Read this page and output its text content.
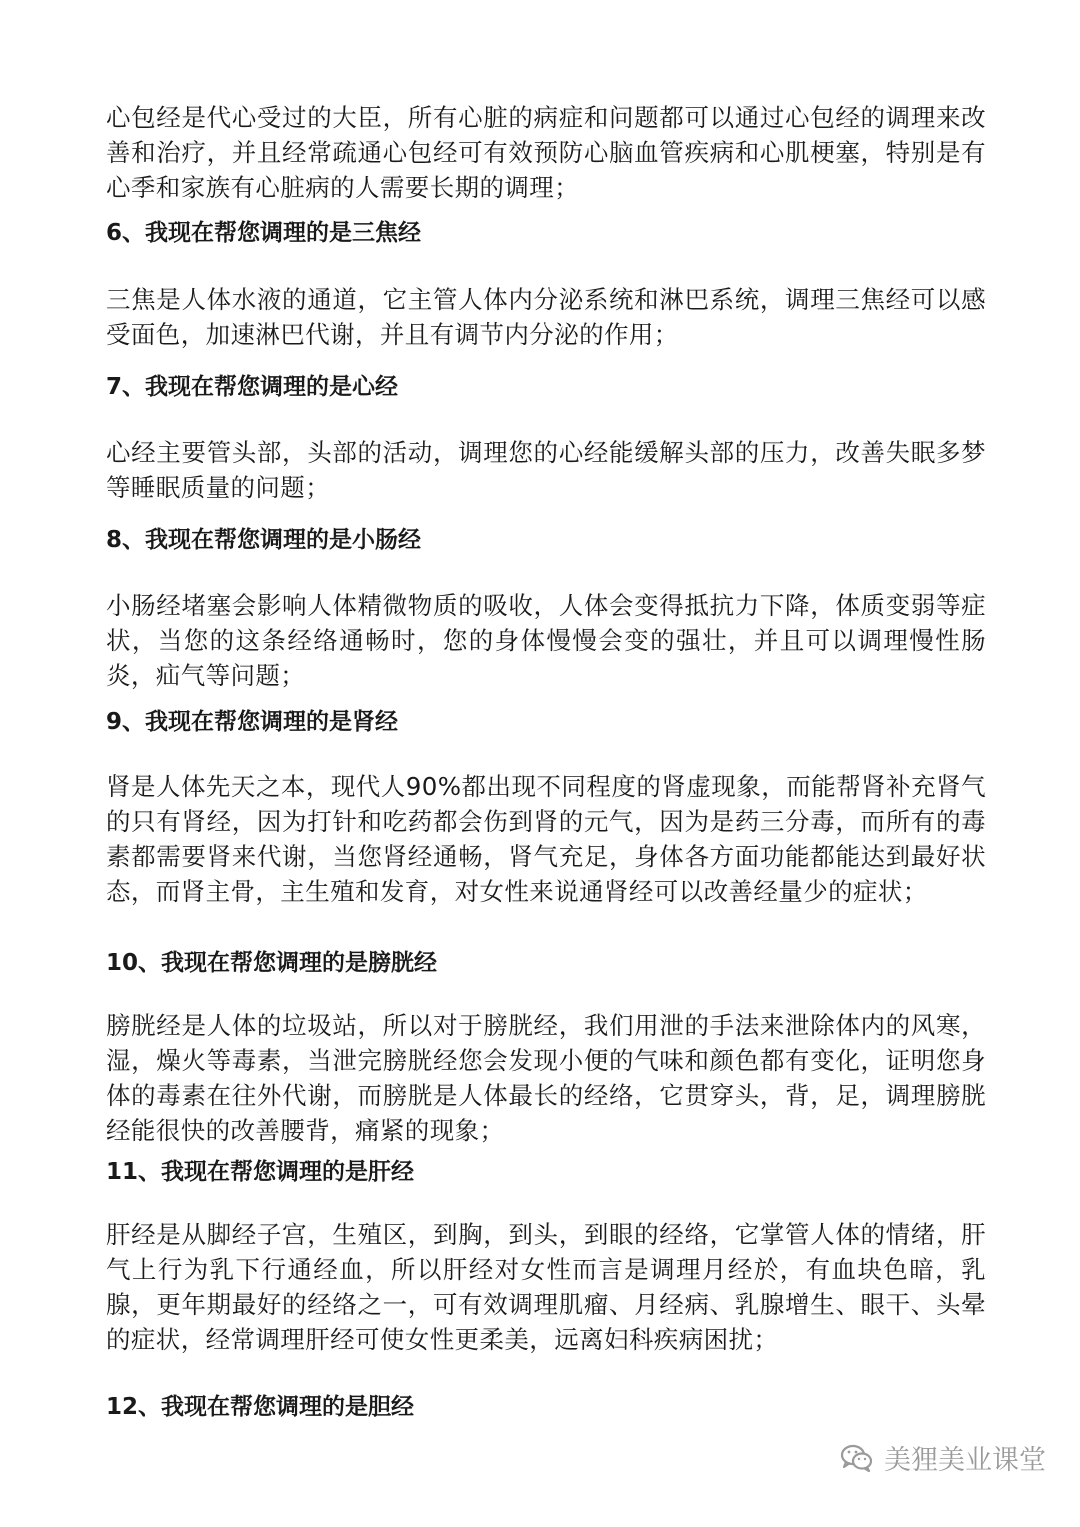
心包经是代心受过的大臣，所有心脏的病症和问题都可以通过心包经的调理来改善和治疗，并且经常疏通心包经可有效预防心脑血管疾病和心肌梗塞，特别是有心季和家族有心脏病的人需要长期的调理；

6、我现在帮您调理的是三焦经

三焦是人体水液的通道，它主管人体内分泌系统和淋巴系统，调理三焦经可以感受面色，加速淋巴代谢，并且有调节内分泌的作用；

7、我现在帮您调理的是心经

心经主要管头部，头部的活动，调理您的心经能缓解头部的压力，改善失眠多梦等睡眠质量的问题；

8、我现在帮您调理的是小肠经

小肠经堵塞会影响人体精微物质的吸收，人体会变得抵抗力下降，体质变弱等症状，当您的这条经络通畅时，您的身体慢慢会变的强壮，并且可以调理慢性肠炎，疝气等问题；

9、我现在帮您调理的是肾经

肾是人体先天之本，现代人90%都出现不同程度的肾虚现象，而能帮肾补充肾气的只有肾经，因为打针和吃药都会伤到肾的元气，因为是药三分毒，而所有的毒素都需要肾来代谢，当您肾经通畅，肾气充足，身体各方面功能都能达到最好状态，而肾主骨，主生殖和发育，对女性来说通肾经可以改善经量少的症状；

10、我现在帮您调理的是膀胱经

膀胱经是人体的垃圾站，所以对于膀胱经，我们用泄的手法来泄除体内的风寒，湿，燥火等毒素，当泄完膀胱经您会发现小便的气味和颜色都有变化，证明您身体的毒素在往外代谢，而膀胱是人体最长的经络，它贯穿头，背，足，调理膀胱经能很快的改善腰背，痛紧的现象；

11、我现在帮您调理的是肝经

肝经是从脚经子宫，生殖区，到胸，到头，到眼的经络，它掌管人体的情绪，肝气上行为乳下行通经血，所以肝经对女性而言是调理月经於，有血块色暗，乳腺，更年期最好的经络之一，可有效调理肌瘤、月经病、乳腺增生、眼干、头晕的症状，经常调理肝经可使女性更柔美，远离妇科疾病困扰；

12、我现在帮您调理的是胆经
美狸美业课堂
